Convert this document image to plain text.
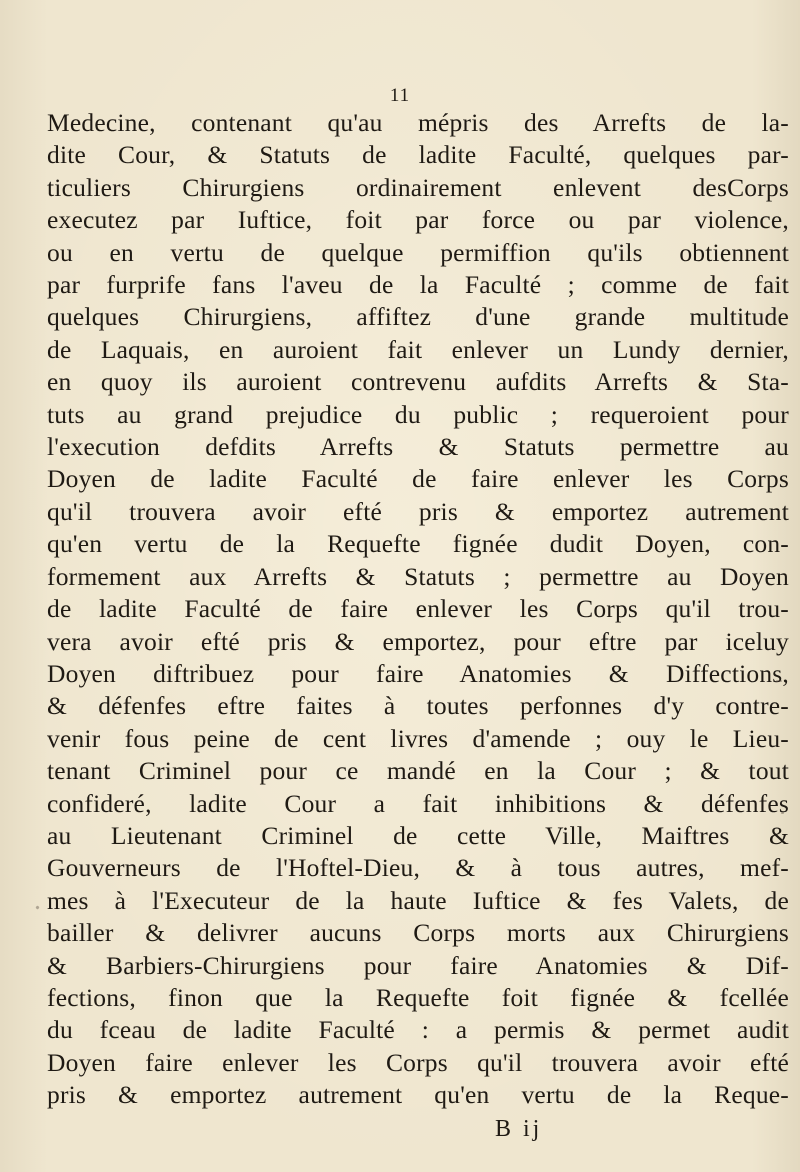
11
Medecine, contenant qu'au mépris des Arrefts de la-
dite Cour, & Statuts de ladite Faculté, quelques par-
ticuliers Chirurgiens ordinairement enlevent desCorps
executez par Iuftice, foit par force ou par violence,
ou en vertu de quelque permiffion qu'ils obtiennent
par furprife fans l'aveu de la Faculté ; comme de fait
quelques Chirurgiens, affiftez d'une grande multitude
de Laquais, en auroient fait enlever un Lundy dernier,
en quoy ils auroient contrevenu aufdits Arrefts & Sta-
tuts au grand prejudice du public ; requeroient pour
l'execution defdits Arrefts & Statuts permettre au
Doyen de ladite Faculté de faire enlever les Corps
qu'il trouvera avoir efté pris & emportez autrement
qu'en vertu de la Requefte fignée dudit Doyen, con-
formement aux Arrefts & Statuts ; permettre au Doyen
de ladite Faculté de faire enlever les Corps qu'il trou-
vera avoir efté pris & emportez, pour eftre par iceluy
Doyen diftribuez pour faire Anatomies & Diffections,
& défenfes eftre faites à toutes perfonnes d'y contre-
venir fous peine de cent livres d'amende ; ouy le Lieu-
tenant Criminel pour ce mandé en la Cour ; & tout
confideré, ladite Cour a fait inhibitions & défenfes
au Lieutenant Criminel de cette Ville, Maiftres &
Gouverneurs de l'Hoftel-Dieu, & à tous autres, mef-
mes à l'Executeur de la haute Iuftice & fes Valets, de
bailler & delivrer aucuns Corps morts aux Chirurgiens
& Barbiers-Chirurgiens pour faire Anatomies & Dif-
fections, finon que la Requefte foit fignée & fcellée
du fceau de ladite Faculté : a permis & permet audit
Doyen faire enlever les Corps qu'il trouvera avoir efté
pris & emportez autrement qu'en vertu de la Reque-
B ij
